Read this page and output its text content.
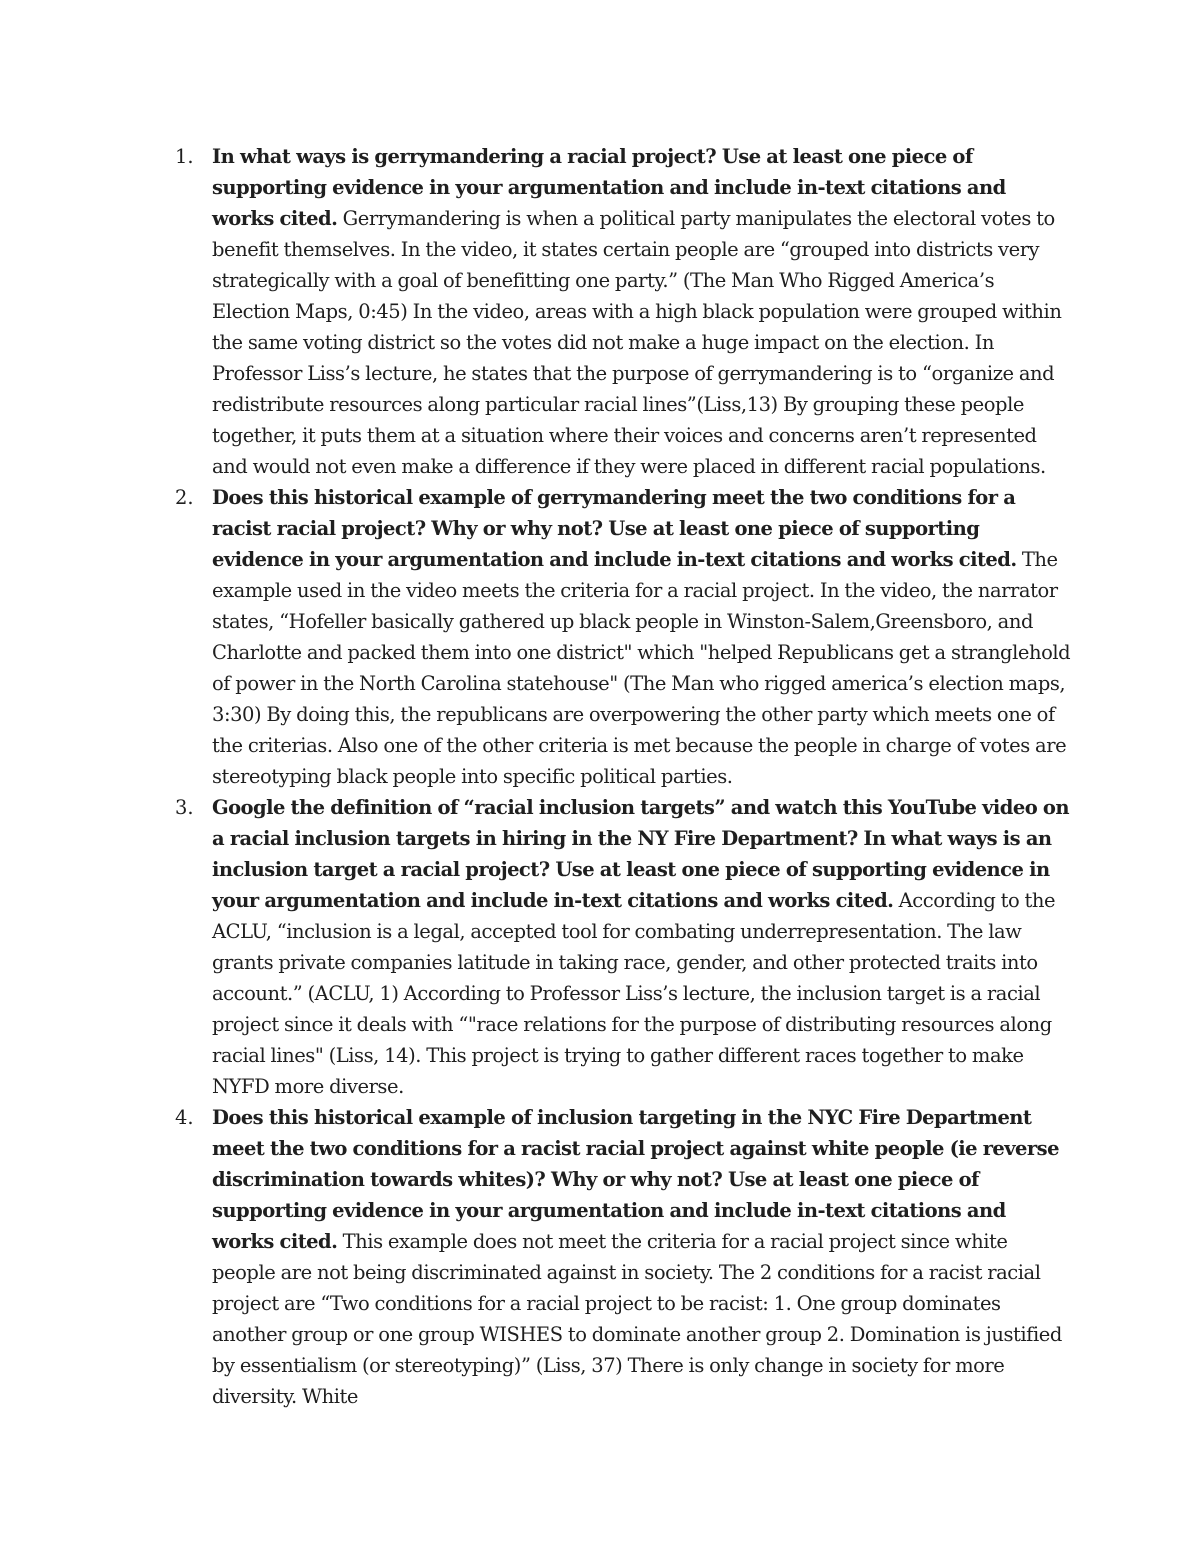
1. In what ways is gerrymandering a racial project? Use at least one piece of supporting evidence in your argumentation and include in-text citations and works cited. Gerrymandering is when a political party manipulates the electoral votes to benefit themselves. In the video, it states certain people are “grouped into districts very strategically with a goal of benefitting one party.” (The Man Who Rigged America’s Election Maps, 0:45) In the video, areas with a high black population were grouped within the same voting district so the votes did not make a huge impact on the election. In Professor Liss’s lecture, he states that the purpose of gerrymandering is to “organize and redistribute resources along particular racial lines”(Liss,13) By grouping these people together, it puts them at a situation where their voices and concerns aren’t represented and would not even make a difference if they were placed in different racial populations.
2. Does this historical example of gerrymandering meet the two conditions for a racist racial project? Why or why not? Use at least one piece of supporting evidence in your argumentation and include in-text citations and works cited. The example used in the video meets the criteria for a racial project. In the video, the narrator states, “Hofeller basically gathered up black people in Winston-Salem,Greensboro, and Charlotte and packed them into one district" which "helped Republicans get a stranglehold of power in the North Carolina statehouse" (The Man who rigged america’s election maps, 3:30) By doing this, the republicans are overpowering the other party which meets one of the criterias. Also one of the other criteria is met because the people in charge of votes are stereotyping black people into specific political parties.
3. Google the definition of “racial inclusion targets” and watch this YouTube video on a racial inclusion targets in hiring in the NY Fire Department? In what ways is an inclusion target a racial project? Use at least one piece of supporting evidence in your argumentation and include in-text citations and works cited. According to the ACLU, “inclusion is a legal, accepted tool for combating underrepresentation. The law grants private companies latitude in taking race, gender, and other protected traits into account.” (ACLU, 1) According to Professor Liss’s lecture, the inclusion target is a racial project since it deals with “"race relations for the purpose of distributing resources along racial lines" (Liss, 14). This project is trying to gather different races together to make NYFD more diverse.
4. Does this historical example of inclusion targeting in the NYC Fire Department meet the two conditions for a racist racial project against white people (ie reverse discrimination towards whites)? Why or why not? Use at least one piece of supporting evidence in your argumentation and include in-text citations and works cited. This example does not meet the criteria for a racial project since white people are not being discriminated against in society. The 2 conditions for a racist racial project are “Two conditions for a racial project to be racist: 1. One group dominates another group or one group WISHES to dominate another group 2. Domination is justified by essentialism (or stereotyping)” (Liss, 37) There is only change in society for more diversity. White
